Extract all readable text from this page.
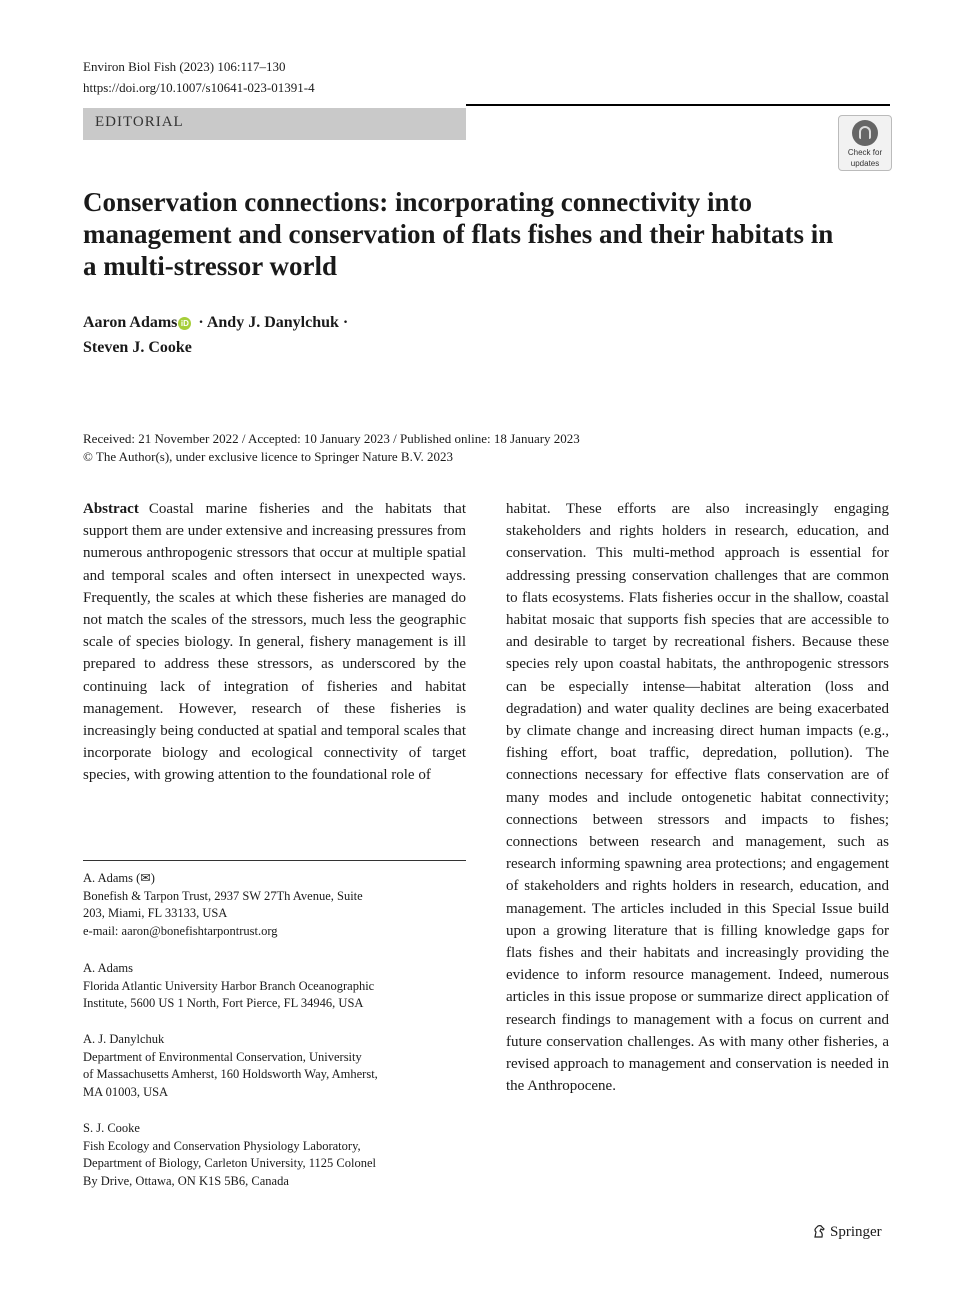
Environ Biol Fish (2023) 106:117–130
https://doi.org/10.1007/s10641-023-01391-4
EDITORIAL
Check for
updates
Conservation connections: incorporating connectivity into management and conservation of flats fishes and their habitats in a multi-stressor world
Aaron Adams iD · Andy J. Danylchuk ·
Steven J. Cooke
Received: 21 November 2022 / Accepted: 10 January 2023 / Published online: 18 January 2023
© The Author(s), under exclusive licence to Springer Nature B.V. 2023

Abstract Coastal marine fisheries and the habitats that support them are under extensive and increasing pressures from numerous anthropogenic stressors that occur at multiple spatial and temporal scales and often intersect in unexpected ways. Frequently, the scales at which these fisheries are managed do not match the scales of the stressors, much less the geographic scale of species biology. In general, fishery management is ill prepared to address these stressors, as underscored by the continuing lack of integration of fisheries and habitat management. However, research of these fisheries is increasingly being conducted at spatial and temporal scales that incorporate biology and ecological connectivity of target species, with growing attention to the foundational role of

habitat. These efforts are also increasingly engaging stakeholders and rights holders in research, education, and conservation. This multi-method approach is essential for addressing pressing conservation challenges that are common to flats ecosystems. Flats fisheries occur in the shallow, coastal habitat mosaic that supports fish species that are accessible to and desirable to target by recreational fishers. Because these species rely upon coastal habitats, the anthropogenic stressors can be especially intense—habitat alteration (loss and degradation) and water quality declines are being exacerbated by climate change and increasing direct human impacts (e.g., fishing effort, boat traffic, depredation, pollution). The connections necessary for effective flats conservation are of many modes and include ontogenetic habitat connectivity; connections between stressors and impacts to fishes; connections between research and management, such as research informing spawning area protections; and engagement of stakeholders and rights holders in research, education, and management. The articles included in this Special Issue build upon a growing literature that is filling knowledge gaps for flats fishes and their habitats and increasingly providing the evidence to inform resource management. Indeed, numerous articles in this issue propose or summarize direct application of research findings to management with a focus on current and future conservation challenges. As with many other fisheries, a revised approach to management and conservation is needed in the Anthropocene.

A. Adams (✉)
Bonefish & Tarpon Trust, 2937 SW 27Th Avenue, Suite
203, Miami, FL 33133, USA
e-mail: aaron@bonefishtarpontrust.org
A. Adams
Florida Atlantic University Harbor Branch Oceanographic
Institute, 5600 US 1 North, Fort Pierce, FL 34946, USA
A. J. Danylchuk
Department of Environmental Conservation, University
of Massachusetts Amherst, 160 Holdsworth Way, Amherst,
MA 01003, USA
S. J. Cooke
Fish Ecology and Conservation Physiology Laboratory,
Department of Biology, Carleton University, 1125 Colonel
By Drive, Ottawa, ON K1S 5B6, Canada
Springer
